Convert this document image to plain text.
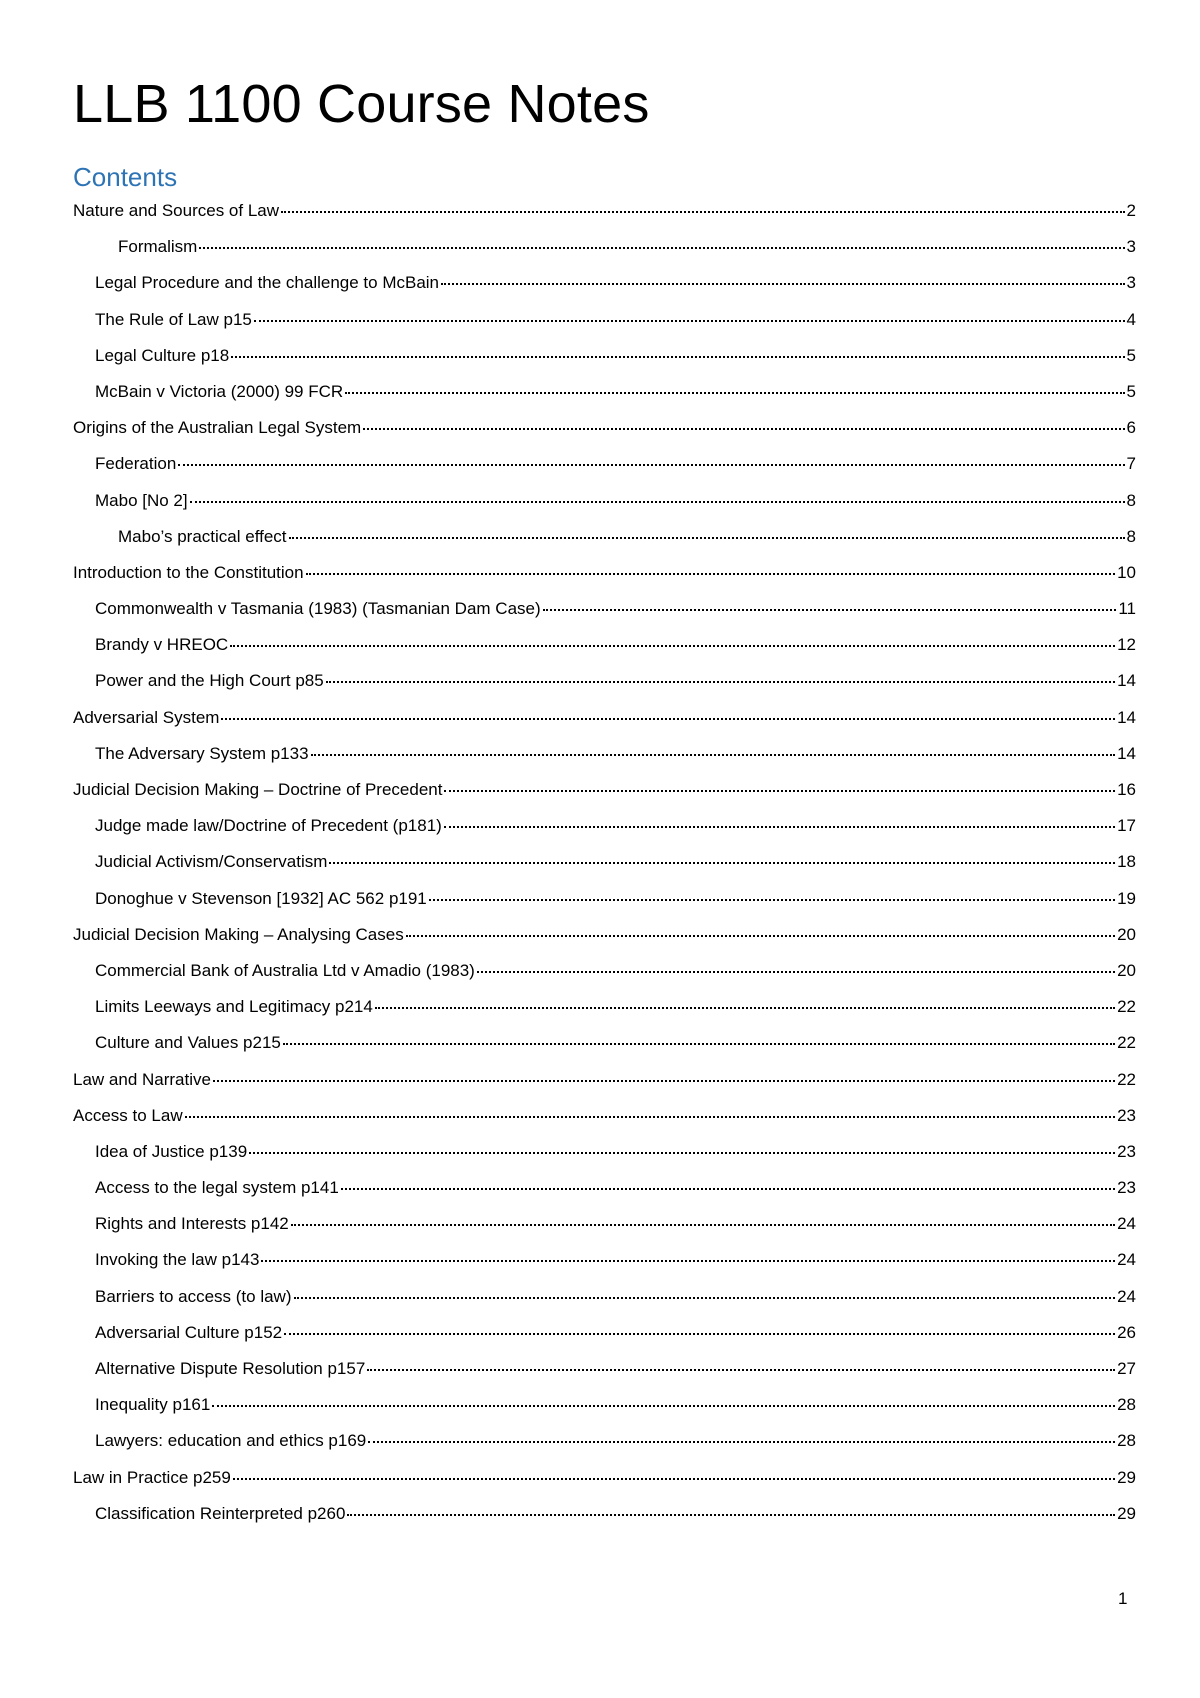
LLB 1100 Course Notes
Contents
Nature and Sources of Law	2
Formalism	3
Legal Procedure and the challenge to McBain	3
The Rule of Law p15	4
Legal Culture p18	5
McBain v Victoria (2000) 99 FCR	5
Origins of the Australian Legal System	6
Federation	7
Mabo [No 2]	8
Mabo’s practical effect	8
Introduction to the Constitution	10
Commonwealth v Tasmania (1983) (Tasmanian Dam Case)	11
Brandy v HREOC	12
Power and the High Court p85	14
Adversarial System	14
The Adversary System p133	14
Judicial Decision Making – Doctrine of Precedent	16
Judge made law/Doctrine of Precedent (p181)	17
Judicial Activism/Conservatism	18
Donoghue v Stevenson [1932] AC 562 p191	19
Judicial Decision Making – Analysing Cases	20
Commercial Bank of Australia Ltd v Amadio (1983)	20
Limits Leeways and Legitimacy p214	22
Culture and Values p215	22
Law and Narrative	22
Access to Law	23
Idea of Justice p139	23
Access to the legal system p141	23
Rights and Interests p142	24
Invoking the law p143	24
Barriers to access (to law)	24
Adversarial Culture p152	26
Alternative Dispute Resolution p157	27
Inequality p161	28
Lawyers: education and ethics p169	28
Law in Practice p259	29
Classification Reinterpreted p260	29
1
